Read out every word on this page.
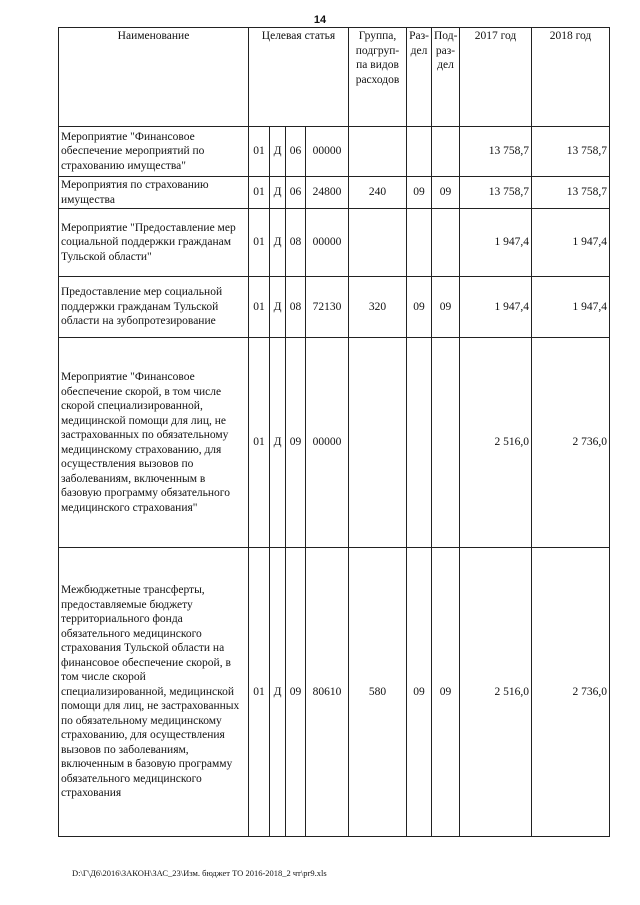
14
Наименование	Целевая статья				Группа,
подгруп-
па видов
расходов	Раз-
дел	Под-
раз-
дел	2017 год	2018 год
Мероприятие "Финансовое обеспечение мероприятий по страхованию имущества"	01	Д	06	00000				13 758,7	13 758,7
Мероприятия по страхованию имущества	01	Д	06	24800	240	09	09	13 758,7	13 758,7
Мероприятие "Предоставление мер социальной поддержки гражданам Тульской области"	01	Д	08	00000				1 947,4	1 947,4
Предоставление мер социальной поддержки гражданам Тульской области на зубопротезирование	01	Д	08	72130	320	09	09	1 947,4	1 947,4
Мероприятие "Финансовое обеспечение скорой, в том числе скорой специализированной, медицинской помощи для лиц, не застрахованных по обязательному медицинскому страхованию, для осуществления вызовов по заболеваниям, включенным в базовую программу обязательного медицинского страхования"	01	Д	09	00000				2 516,0	2 736,0
Межбюджетные трансферты, предоставляемые бюджету территориального фонда обязательного медицинского страхования Тульской области на финансовое обеспечение скорой, в том числе скорой специализированной, медицинской помощи для лиц, не застрахованных по обязательному медицинскому страхованию, для осуществления вызовов по заболеваниям, включенным в базовую программу обязательного медицинского страхования	01	Д	09	80610	580	09	09	2 516,0	2 736,0
D:\Г\Д6\2016\ЗАКОН\ЗАС_23\Изм. бюджет ТО 2016-2018_2 чт\pr9.xls
